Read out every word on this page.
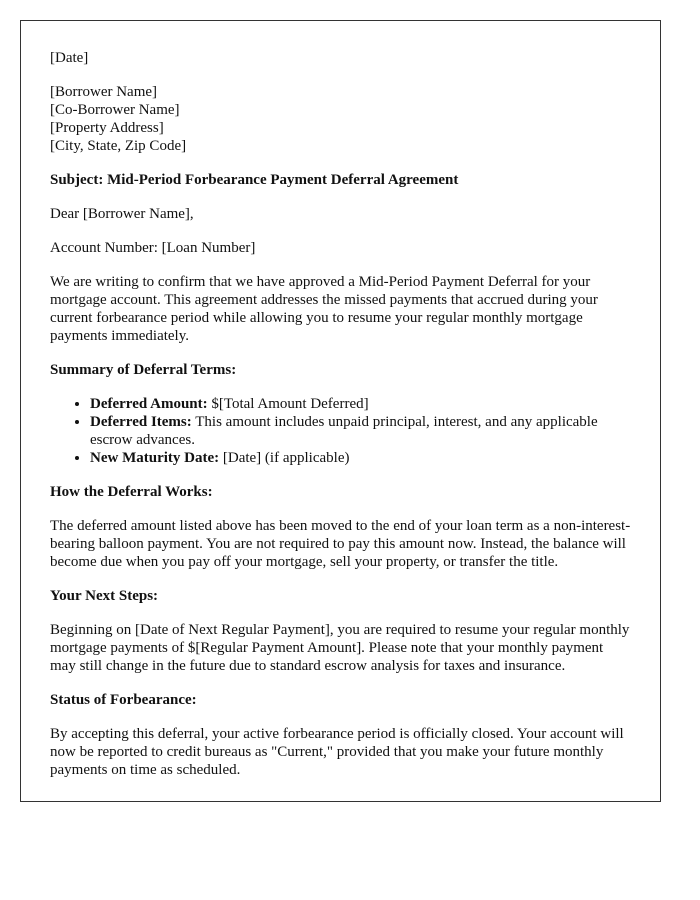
[Date]

[Borrower Name]
[Co-Borrower Name]
[Property Address]
[City, State, Zip Code]

Subject: Mid-Period Forbearance Payment Deferral Agreement

Dear [Borrower Name],

Account Number: [Loan Number]

We are writing to confirm that we have approved a Mid-Period Payment Deferral for your mortgage account. This agreement addresses the missed payments that accrued during your current forbearance period while allowing you to resume your regular monthly mortgage payments immediately.

Summary of Deferral Terms:

• Deferred Amount: $[Total Amount Deferred]
• Deferred Items: This amount includes unpaid principal, interest, and any applicable escrow advances.
• New Maturity Date: [Date] (if applicable)

How the Deferral Works:

The deferred amount listed above has been moved to the end of your loan term as a non-interest-bearing balloon payment. You are not required to pay this amount now. Instead, the balance will become due when you pay off your mortgage, sell your property, or transfer the title.

Your Next Steps:

Beginning on [Date of Next Regular Payment], you are required to resume your regular monthly mortgage payments of $[Regular Payment Amount]. Please note that your monthly payment may still change in the future due to standard escrow analysis for taxes and insurance.

Status of Forbearance:

By accepting this deferral, your active forbearance period is officially closed. Your account will now be reported to credit bureaus as "Current," provided that you make your future monthly payments on time as scheduled.
